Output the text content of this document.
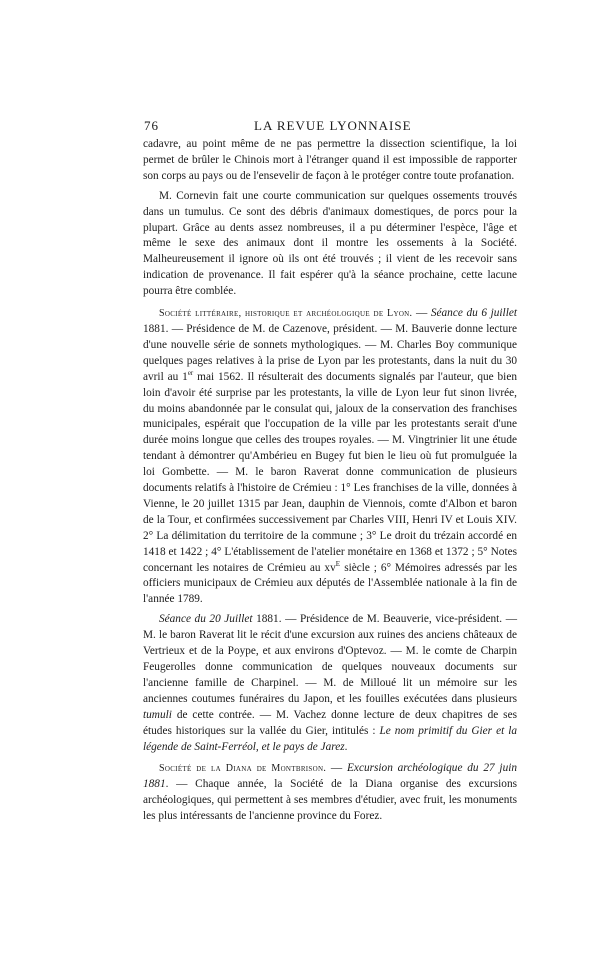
76	LA REVUE LYONNAISE

cadavre, au point même de ne pas permettre la dissection scientifique, la loi permet de brûler le Chinois mort à l'étranger quand il est impossible de rapporter son corps au pays ou de l'ensevelir de façon à le protéger contre toute profanation.

M. Cornevin fait une courte communication sur quelques ossements trouvés dans un tumulus. Ce sont des débris d'animaux domestiques, de porcs pour la plupart. Grâce au dents assez nombreuses, il a pu déterminer l'espèce, l'âge et même le sexe des animaux dont il montre les ossements à la Société. Malheureusement il ignore où ils ont été trouvés ; il vient de les recevoir sans indication de provenance. Il fait espérer qu'à la séance prochaine, cette lacune pourra être comblée.

Société littéraire, historique et archéologique de Lyon. — Séance du 6 juillet 1881. — Présidence de M. de Cazenove, président. — M. Bauverie donne lecture d'une nouvelle série de sonnets mythologiques. — M. Charles Boy communique quelques pages relatives à la prise de Lyon par les protestants, dans la nuit du 30 avril au 1er mai 1562. Il résulterait des documents signalés par l'auteur, que bien loin d'avoir été surprise par les protestants, la ville de Lyon leur fut sinon livrée, du moins abandonnée par le consulat qui, jaloux de la conservation des franchises municipales, espérait que l'occupation de la ville par les protestants serait d'une durée moins longue que celles des troupes royales. — M. Vingtrinier lit une étude tendant à démontrer qu'Ambérieu en Bugey fut bien le lieu où fut promulguée la loi Gombette. — M. le baron Raverat donne communication de plusieurs documents relatifs à l'histoire de Crémieu : 1° Les franchises de la ville, données à Vienne, le 20 juillet 1315 par Jean, dauphin de Viennois, comte d'Albon et baron de la Tour, et confirmées successivement par Charles VIII, Henri IV et Louis XIV. 2° La délimitation du territoire de la commune ; 3° Le droit du trézain accordé en 1418 et 1422 ; 4° L'établissement de l'atelier monétaire en 1368 et 1372 ; 5° Notes concernant les notaires de Crémieu au $xv^e$ siècle ; 6° Mémoires adressés par les officiers municipaux de Crémieu aux députés de l'Assemblée nationale à la fin de l'année 1789.

Séance du 20 Juillet 1881. — Présidence de M. Beauverie, vice-président. — M. le baron Raverat lit le récit d'une excursion aux ruines des anciens châteaux de Vertrieux et de la Poype, et aux environs d'Optevoz. — M. le comte de Charpin Feugerolles donne communication de quelques nouveaux documents sur l'ancienne famille de Charpinel. — M. de Milloué lit un mémoire sur les anciennes coutumes funéraires du Japon, et les fouilles exécutées dans plusieurs tumuli de cette contrée. — M. Vachez donne lecture de deux chapitres de ses études historiques sur la vallée du Gier, intitulés : Le nom primitif du Gier et la légende de Saint-Ferréol, et le pays de Jarez.

Société de la Diana de Montbrison. — Excursion archéologique du 27 juin 1881. — Chaque année, la Société de la Diana organise des excursions archéologiques, qui permettent à ses membres d'étudier, avec fruit, les monuments les plus intéressants de l'ancienne province du Forez.
